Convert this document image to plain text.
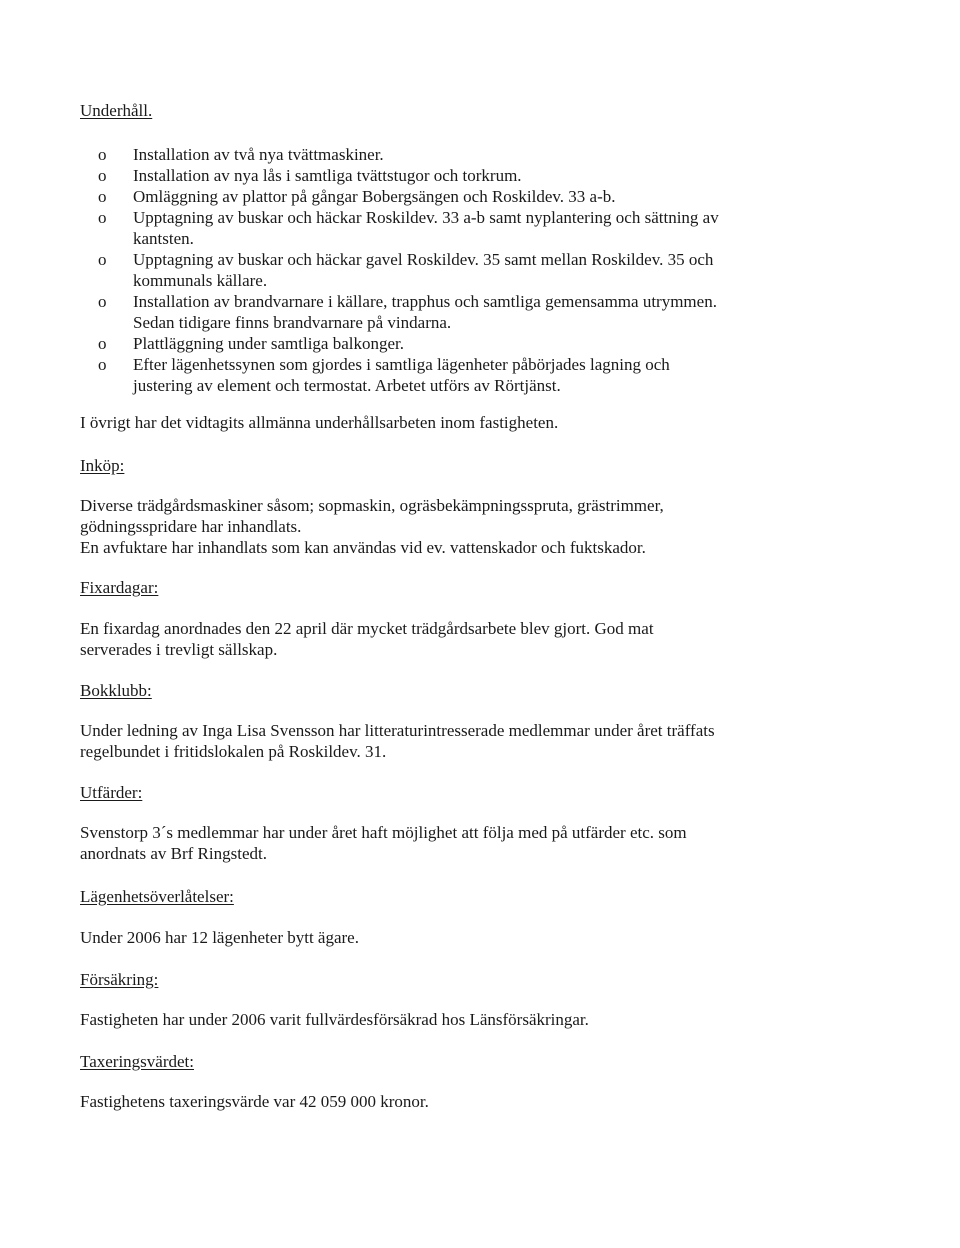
Underhåll.
o	Installation av två nya tvättmaskiner.
o	Installation av nya lås i samtliga tvättstugor och torkrum.
o	Omläggning av plattor på gångar Bobergsängen och Roskildev. 33 a-b.
o	Upptagning av buskar och häckar Roskildev. 33 a-b samt nyplantering och sättning av
kantsten.
o	Upptagning av buskar och häckar gavel Roskildev. 35 samt mellan Roskildev. 35 och
kommunals källare.
o	Installation av brandvarnare i källare, trapphus och samtliga gemensamma utrymmen.
Sedan tidigare finns brandvarnare på vindarna.
o	Plattläggning under samtliga balkonger.
o	Efter lägenhetssynen som gjordes i samtliga lägenheter påbörjades lagning och
justering av element och termostat. Arbetet utförs av Rörtjänst.
I övrigt har det vidtagits allmänna underhållsarbeten inom fastigheten.
Inköp:
Diverse trädgårdsmaskiner såsom; sopmaskin, ogräsbekämpningsspruta, grästrimmer,
gödningsspridare har inhandlats.
En avfuktare har inhandlats som kan användas vid ev. vattenskador och fuktskador.
Fixardagar:
En fixardag anordnades den 22 april där mycket trädgårdsarbete blev gjort. God mat
serverades i trevligt sällskap.
Bokklubb:
Under ledning av Inga Lisa Svensson har litteraturintresserade medlemmar under året träffats
regelbundet i fritidslokalen på Roskildev. 31.
Utfärder:
Svenstorp 3´s medlemmar har under året haft möjlighet att följa med på utfärder etc. som
anordnats av Brf Ringstedt.
Lägenhetsöverlåtelser:
Under 2006 har 12 lägenheter bytt ägare.
Försäkring:
Fastigheten har under 2006 varit fullvärdesförsäkrad hos Länsförsäkringar.
Taxeringsvärdet:
Fastighetens taxeringsvärde var 42 059 000 kronor.
